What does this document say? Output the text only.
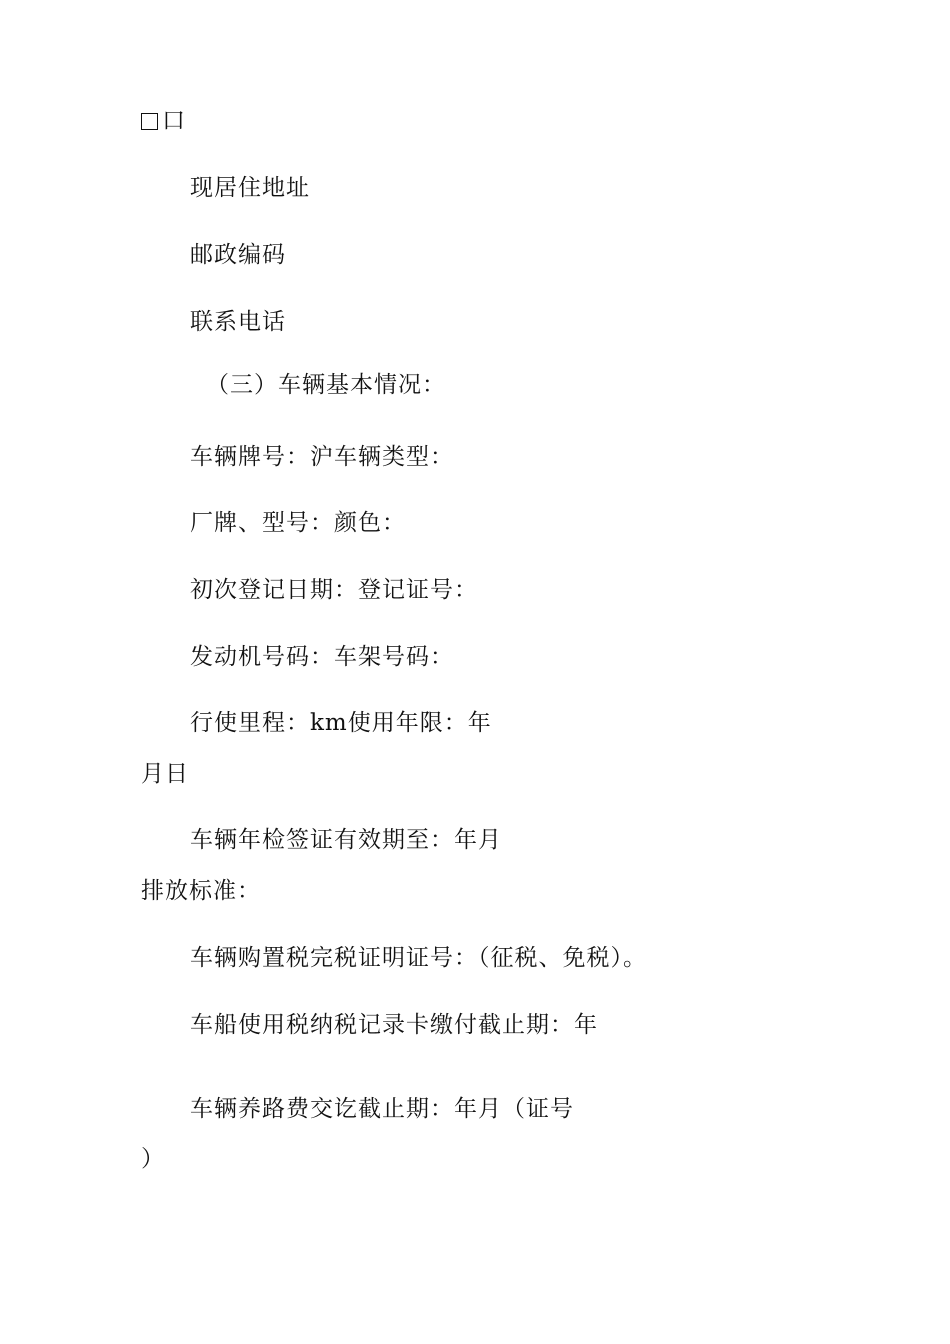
口
现居住地址
邮政编码
联系电话
（三）车辆基本情况：
车辆牌号：沪车辆类型：
厂牌、型号：颜色：
初次登记日期：登记证号：
发动机号码：车架号码：
行使里程：km使用年限：年
月日
车辆年检签证有效期至：年月
排放标准：
车辆购置税完税证明证号：（征税、免税）。
车船使用税纳税记录卡缴付截止期：年
车辆养路费交讫截止期：年月（证号
）
